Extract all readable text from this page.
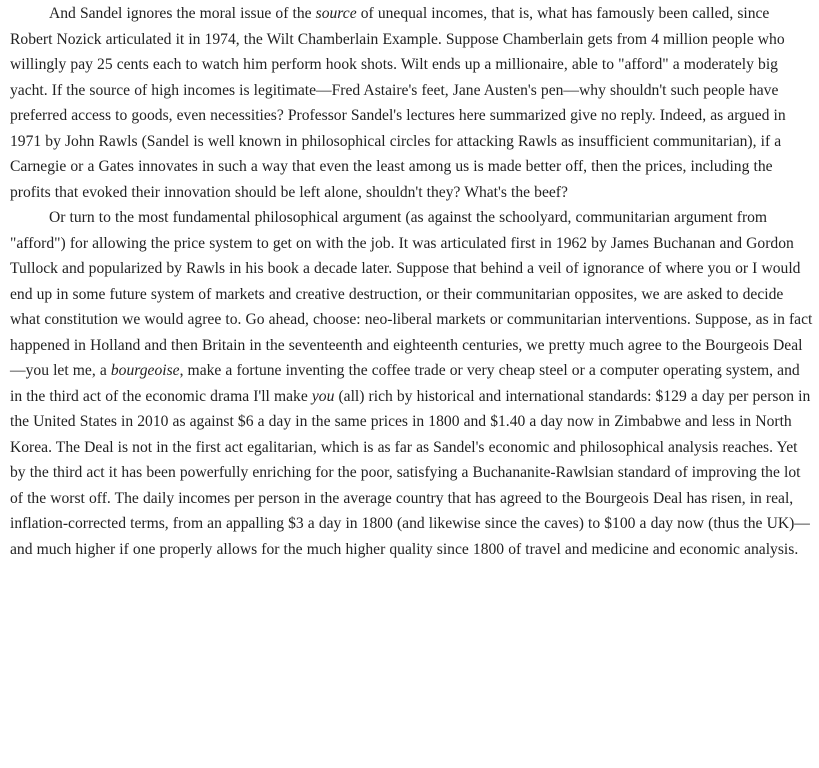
And Sandel ignores the moral issue of the source of unequal incomes, that is, what has famously been called, since Robert Nozick articulated it in 1974, the Wilt Chamberlain Example. Suppose Chamberlain gets from 4 million people who willingly pay 25 cents each to watch him perform hook shots. Wilt ends up a millionaire, able to "afford" a moderately big yacht. If the source of high incomes is legitimate—Fred Astaire's feet, Jane Austen's pen—why shouldn't such people have preferred access to goods, even necessities? Professor Sandel's lectures here summarized give no reply. Indeed, as argued in 1971 by John Rawls (Sandel is well known in philosophical circles for attacking Rawls as insufficient communitarian), if a Carnegie or a Gates innovates in such a way that even the least among us is made better off, then the prices, including the profits that evoked their innovation should be left alone, shouldn't they? What's the beef?

Or turn to the most fundamental philosophical argument (as against the schoolyard, communitarian argument from "afford") for allowing the price system to get on with the job. It was articulated first in 1962 by James Buchanan and Gordon Tullock and popularized by Rawls in his book a decade later. Suppose that behind a veil of ignorance of where you or I would end up in some future system of markets and creative destruction, or their communitarian opposites, we are asked to decide what constitution we would agree to. Go ahead, choose: neo-liberal markets or communitarian interventions. Suppose, as in fact happened in Holland and then Britain in the seventeenth and eighteenth centuries, we pretty much agree to the Bourgeois Deal—you let me, a bourgeoise, make a fortune inventing the coffee trade or very cheap steel or a computer operating system, and in the third act of the economic drama I'll make you (all) rich by historical and international standards: $129 a day per person in the United States in 2010 as against $6 a day in the same prices in 1800 and $1.40 a day now in Zimbabwe and less in North Korea. The Deal is not in the first act egalitarian, which is as far as Sandel's economic and philosophical analysis reaches. Yet by the third act it has been powerfully enriching for the poor, satisfying a Buchananite-Rawlsian standard of improving the lot of the worst off. The daily incomes per person in the average country that has agreed to the Bourgeois Deal has risen, in real, inflation-corrected terms, from an appalling $3 a day in 1800 (and likewise since the caves) to $100 a day now (thus the UK)—and much higher if one properly allows for the much higher quality since 1800 of travel and medicine and economic analysis.
